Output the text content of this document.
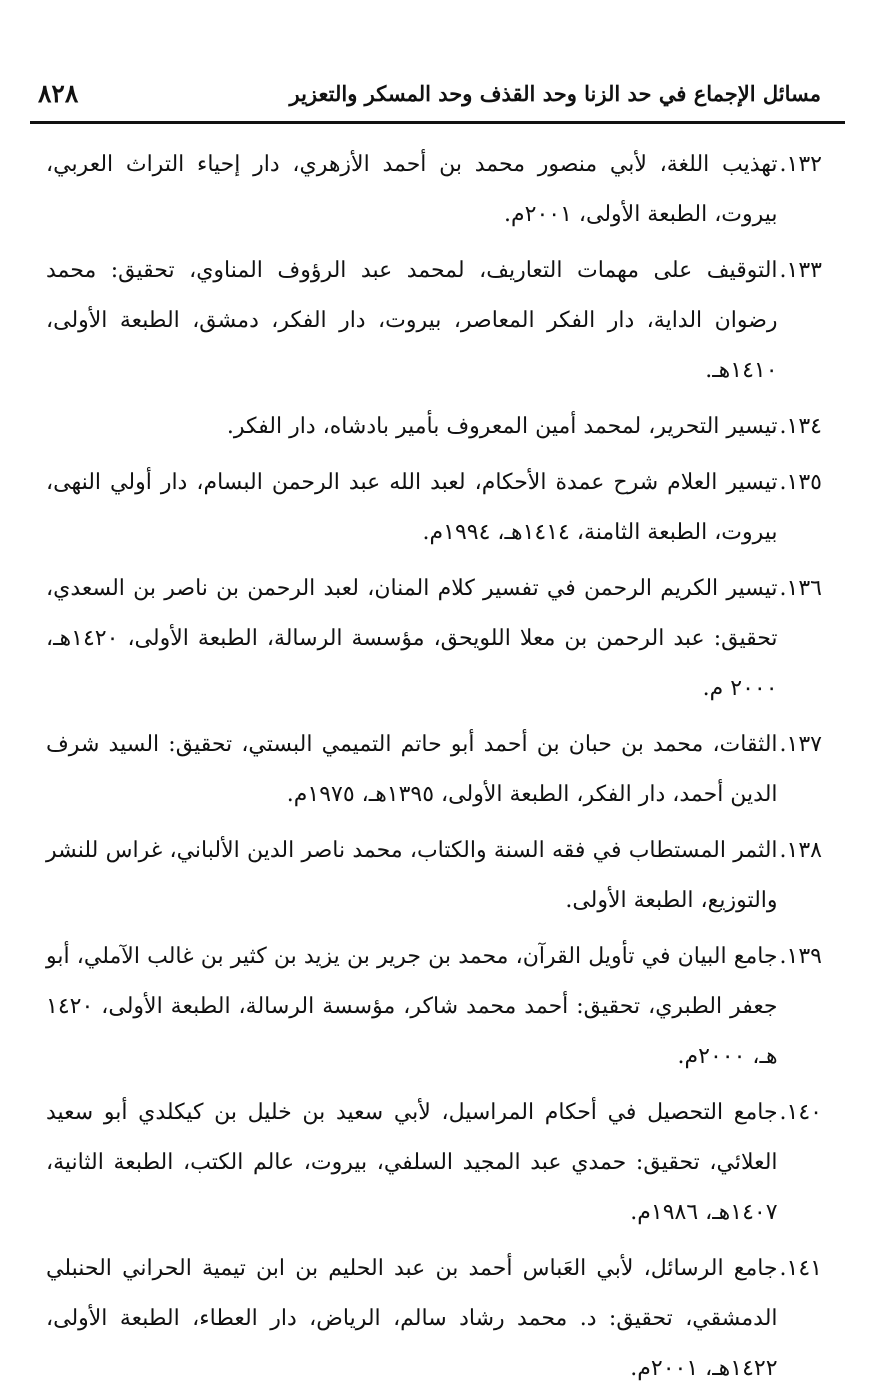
مسائل الإجماع في حد الزنا وحد القذف وحد المسكر والتعزير
٨٢٨
١٣٢.
تهذيب اللغة، لأبي منصور محمد بن أحمد الأزهري، دار إحياء التراث العربي، بيروت، الطبعة الأولى، ٢٠٠١م.
١٣٣.
التوقيف على مهمات التعاريف، لمحمد عبد الرؤوف المناوي، تحقيق: محمد رضوان الداية، دار الفكر المعاصر، بيروت، دار الفكر، دمشق، الطبعة الأولى، ١٤١٠هـ.
١٣٤.
تيسير التحرير، لمحمد أمين المعروف بأمير بادشاه، دار الفكر.
١٣٥.
تيسير العلام شرح عمدة الأحكام، لعبد الله عبد الرحمن البسام، دار أولي النهى، بيروت، الطبعة الثامنة، ١٤١٤هـ، ١٩٩٤م.
١٣٦.
تيسير الكريم الرحمن في تفسير كلام المنان، لعبد الرحمن بن ناصر بن السعدي، تحقيق: عبد الرحمن بن معلا اللويحق، مؤسسة الرسالة، الطبعة الأولى، ١٤٢٠هـ، ٢٠٠٠ م.
١٣٧.
الثقات، محمد بن حبان بن أحمد أبو حاتم التميمي البستي، تحقيق: السيد شرف الدين أحمد، دار الفكر، الطبعة الأولى، ١٣٩٥هـ، ١٩٧٥م.
١٣٨.
الثمر المستطاب في فقه السنة والكتاب، محمد ناصر الدين الألباني، غراس للنشر والتوزيع، الطبعة الأولى.
١٣٩.
جامع البيان في تأويل القرآن، محمد بن جرير بن يزيد بن كثير بن غالب الآملي، أبو جعفر الطبري، تحقيق: أحمد محمد شاكر، مؤسسة الرسالة، الطبعة الأولى، ١٤٢٠ هـ، ٢٠٠٠م.
١٤٠.
جامع التحصيل في أحكام المراسيل، لأبي سعيد بن خليل بن كيكلدي أبو سعيد العلائي، تحقيق: حمدي عبد المجيد السلفي، بيروت، عالم الكتب، الطبعة الثانية، ١٤٠٧هـ، ١٩٨٦م.
١٤١.
جامع الرسائل، لأبي العَباس أحمد بن عبد الحليم بن ابن تيمية الحراني الحنبلي الدمشقي، تحقيق: د. محمد رشاد سالم، الرياض، دار العطاء، الطبعة الأولى، ١٤٢٢هـ، ٢٠٠١م.
